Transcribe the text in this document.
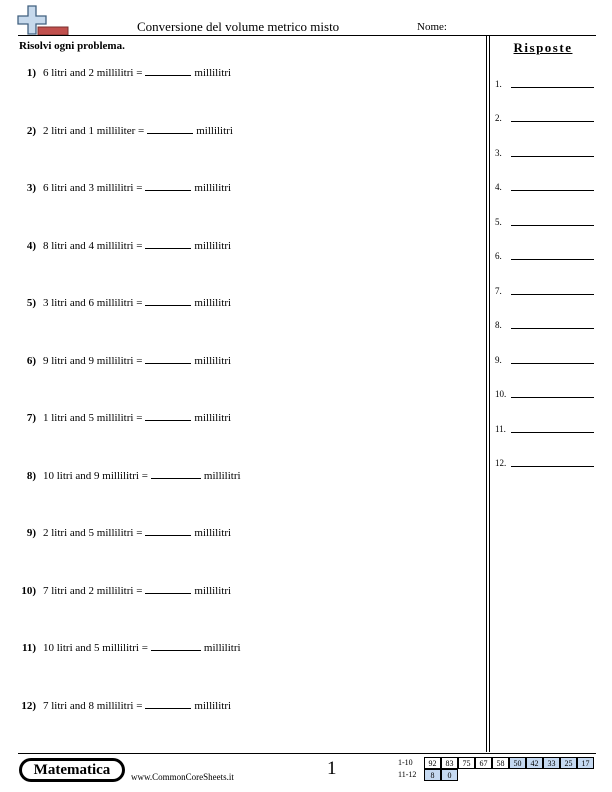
Conversione del volume metrico misto	Nome:
Risolvi ogni problema.	Risposte
1) 6 litri and 2 millilitri =	millilitri
2) 2 litri and 1 milliliter =	millilitri
3) 6 litri and 3 millilitri =	millilitri
4) 8 litri and 4 millilitri =	millilitri
5) 3 litri and 6 millilitri =	millilitri
6) 9 litri and 9 millilitri =	millilitri
7) 1 litri and 5 millilitri =	millilitri
8) 10 litri and 9 millilitri =	millilitri
9) 2 litri and 5 millilitri =	millilitri
10) 7 litri and 2 millilitri =	millilitri
11) 10 litri and 5 millilitri =	millilitri
12) 7 litri and 8 millilitri =	millilitri
1.
2.
3.
4.
5.
6.
7.
8.
9.
10.
11.
12.
Matematica	www.CommonCoreSheets.it	1	1-10	92	83	75	67	58	50	42	33	25	17
11-12	8	0
